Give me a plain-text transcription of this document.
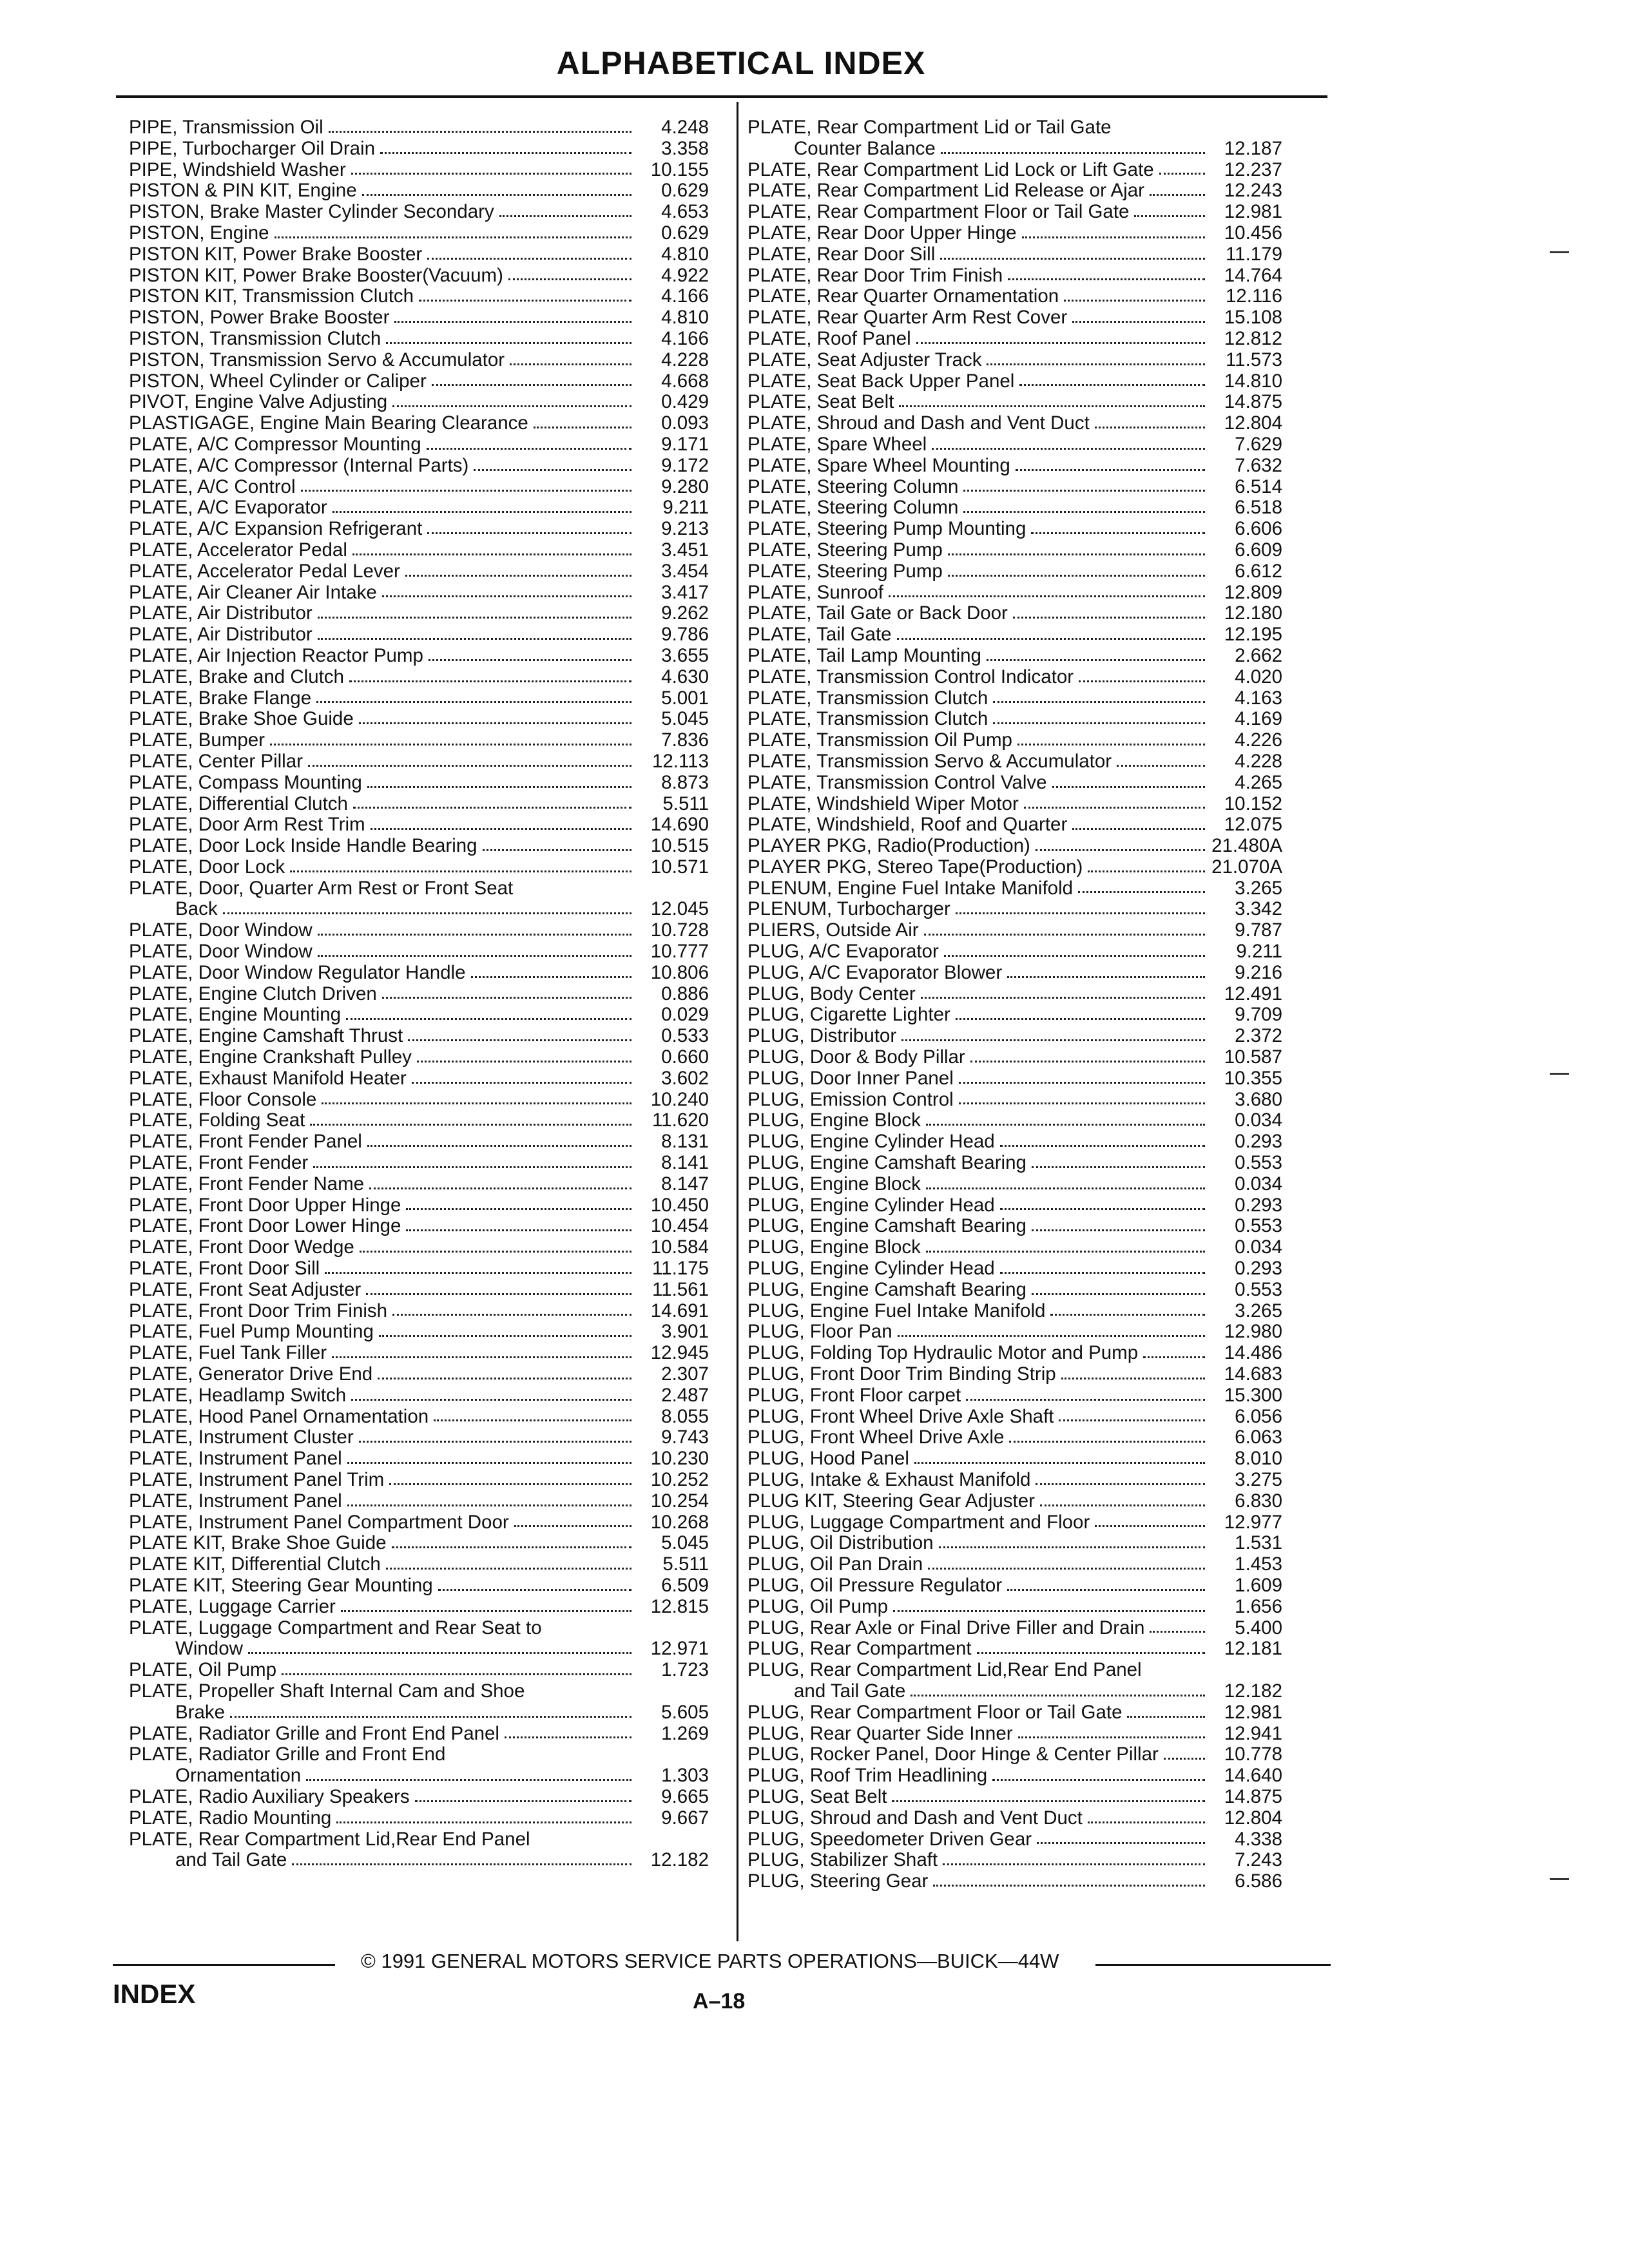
ALPHABETICAL INDEX
PIPE, Transmission Oil	4.248
PIPE, Turbocharger Oil Drain	3.358
PIPE, Windshield Washer	10.155
PISTON & PIN KIT, Engine	0.629
PISTON, Brake Master Cylinder Secondary	4.653
PISTON, Engine	0.629
PISTON KIT, Power Brake Booster	4.810
PISTON KIT, Power Brake Booster(Vacuum)	4.922
PISTON KIT, Transmission Clutch	4.166
PISTON, Power Brake Booster	4.810
PISTON, Transmission Clutch	4.166
PISTON, Transmission Servo & Accumulator	4.228
PISTON, Wheel Cylinder or Caliper	4.668
PIVOT, Engine Valve Adjusting	0.429
PLASTIGAGE, Engine Main Bearing Clearance	0.093
PLATE, A/C Compressor Mounting	9.171
PLATE, A/C Compressor (Internal Parts)	9.172
PLATE, A/C Control	9.280
PLATE, A/C Evaporator	9.211
PLATE, A/C Expansion Refrigerant	9.213
PLATE, Accelerator Pedal	3.451
PLATE, Accelerator Pedal Lever	3.454
PLATE, Air Cleaner Air Intake	3.417
PLATE, Air Distributor	9.262
PLATE, Air Distributor	9.786
PLATE, Air Injection Reactor Pump	3.655
PLATE, Brake and Clutch	4.630
PLATE, Brake Flange	5.001
PLATE, Brake Shoe Guide	5.045
PLATE, Bumper	7.836
PLATE, Center Pillar	12.113
PLATE, Compass Mounting	8.873
PLATE, Differential Clutch	5.511
PLATE, Door Arm Rest Trim	14.690
PLATE, Door Lock Inside Handle Bearing	10.515
PLATE, Door Lock	10.571
PLATE, Door, Quarter Arm Rest or Front Seat
Back	12.045
PLATE, Door Window	10.728
PLATE, Door Window	10.777
PLATE, Door Window Regulator Handle	10.806
PLATE, Engine Clutch Driven	0.886
PLATE, Engine Mounting	0.029
PLATE, Engine Camshaft Thrust	0.533
PLATE, Engine Crankshaft Pulley	0.660
PLATE, Exhaust Manifold Heater	3.602
PLATE, Floor Console	10.240
PLATE, Folding Seat	11.620
PLATE, Front Fender Panel	8.131
PLATE, Front Fender	8.141
PLATE, Front Fender Name	8.147
PLATE, Front Door Upper Hinge	10.450
PLATE, Front Door Lower Hinge	10.454
PLATE, Front Door Wedge	10.584
PLATE, Front Door Sill	11.175
PLATE, Front Seat Adjuster	11.561
PLATE, Front Door Trim Finish	14.691
PLATE, Fuel Pump Mounting	3.901
PLATE, Fuel Tank Filler	12.945
PLATE, Generator Drive End	2.307
PLATE, Headlamp Switch	2.487
PLATE, Hood Panel Ornamentation	8.055
PLATE, Instrument Cluster	9.743
PLATE, Instrument Panel	10.230
PLATE, Instrument Panel Trim	10.252
PLATE, Instrument Panel	10.254
PLATE, Instrument Panel Compartment Door	10.268
PLATE KIT, Brake Shoe Guide	5.045
PLATE KIT, Differential Clutch	5.511
PLATE KIT, Steering Gear Mounting	6.509
PLATE, Luggage Carrier	12.815
PLATE, Luggage Compartment and Rear Seat to
Window	12.971
PLATE, Oil Pump	1.723
PLATE, Propeller Shaft Internal Cam and Shoe
Brake	5.605
PLATE, Radiator Grille and Front End Panel	1.269
PLATE, Radiator Grille and Front End
Ornamentation	1.303
PLATE, Radio Auxiliary Speakers	9.665
PLATE, Radio Mounting	9.667
PLATE, Rear Compartment Lid,Rear End Panel
and Tail Gate	12.182
PLATE, Rear Compartment Lid or Tail Gate
Counter Balance	12.187
PLATE, Rear Compartment Lid Lock or Lift Gate	12.237
PLATE, Rear Compartment Lid Release or Ajar	12.243
PLATE, Rear Compartment Floor or Tail Gate	12.981
PLATE, Rear Door Upper Hinge	10.456
PLATE, Rear Door Sill	11.179
PLATE, Rear Door Trim Finish	14.764
PLATE, Rear Quarter Ornamentation	12.116
PLATE, Rear Quarter Arm Rest Cover	15.108
PLATE, Roof Panel	12.812
PLATE, Seat Adjuster Track	11.573
PLATE, Seat Back Upper Panel	14.810
PLATE, Seat Belt	14.875
PLATE, Shroud and Dash and Vent Duct	12.804
PLATE, Spare Wheel	7.629
PLATE, Spare Wheel Mounting	7.632
PLATE, Steering Column	6.514
PLATE, Steering Column	6.518
PLATE, Steering Pump Mounting	6.606
PLATE, Steering Pump	6.609
PLATE, Steering Pump	6.612
PLATE, Sunroof	12.809
PLATE, Tail Gate or Back Door	12.180
PLATE, Tail Gate	12.195
PLATE, Tail Lamp Mounting	2.662
PLATE, Transmission Control Indicator	4.020
PLATE, Transmission Clutch	4.163
PLATE, Transmission Clutch	4.169
PLATE, Transmission Oil Pump	4.226
PLATE, Transmission Servo & Accumulator	4.228
PLATE, Transmission Control Valve	4.265
PLATE, Windshield Wiper Motor	10.152
PLATE, Windshield, Roof and Quarter	12.075
PLAYER PKG, Radio(Production)	21.480A
PLAYER PKG, Stereo Tape(Production)	21.070A
PLENUM, Engine Fuel Intake Manifold	3.265
PLENUM, Turbocharger	3.342
PLIERS, Outside Air	9.787
PLUG, A/C Evaporator	9.211
PLUG, A/C Evaporator Blower	9.216
PLUG, Body Center	12.491
PLUG, Cigarette Lighter	9.709
PLUG, Distributor	2.372
PLUG, Door & Body Pillar	10.587
PLUG, Door Inner Panel	10.355
PLUG, Emission Control	3.680
PLUG, Engine Block	0.034
PLUG, Engine Cylinder Head	0.293
PLUG, Engine Camshaft Bearing	0.553
PLUG, Engine Block	0.034
PLUG, Engine Cylinder Head	0.293
PLUG, Engine Camshaft Bearing	0.553
PLUG, Engine Block	0.034
PLUG, Engine Cylinder Head	0.293
PLUG, Engine Camshaft Bearing	0.553
PLUG, Engine Fuel Intake Manifold	3.265
PLUG, Floor Pan	12.980
PLUG, Folding Top Hydraulic Motor and Pump	14.486
PLUG, Front Door Trim Binding Strip	14.683
PLUG, Front Floor carpet	15.300
PLUG, Front Wheel Drive Axle Shaft	6.056
PLUG, Front Wheel Drive Axle	6.063
PLUG, Hood Panel	8.010
PLUG, Intake & Exhaust Manifold	3.275
PLUG KIT, Steering Gear Adjuster	6.830
PLUG, Luggage Compartment and Floor	12.977
PLUG, Oil Distribution	1.531
PLUG, Oil Pan Drain	1.453
PLUG, Oil Pressure Regulator	1.609
PLUG, Oil Pump	1.656
PLUG, Rear Axle or Final Drive Filler and Drain	5.400
PLUG, Rear Compartment	12.181
PLUG, Rear Compartment Lid,Rear End Panel
and Tail Gate	12.182
PLUG, Rear Compartment Floor or Tail Gate	12.981
PLUG, Rear Quarter Side Inner	12.941
PLUG, Rocker Panel, Door Hinge & Center Pillar	10.778
PLUG, Roof Trim Headlining	14.640
PLUG, Seat Belt	14.875
PLUG, Shroud and Dash and Vent Duct	12.804
PLUG, Speedometer Driven Gear	4.338
PLUG, Stabilizer Shaft	7.243
PLUG, Steering Gear	6.586
© 1991 GENERAL MOTORS SERVICE PARTS OPERATIONS—BUICK—44W
INDEX	A–18
